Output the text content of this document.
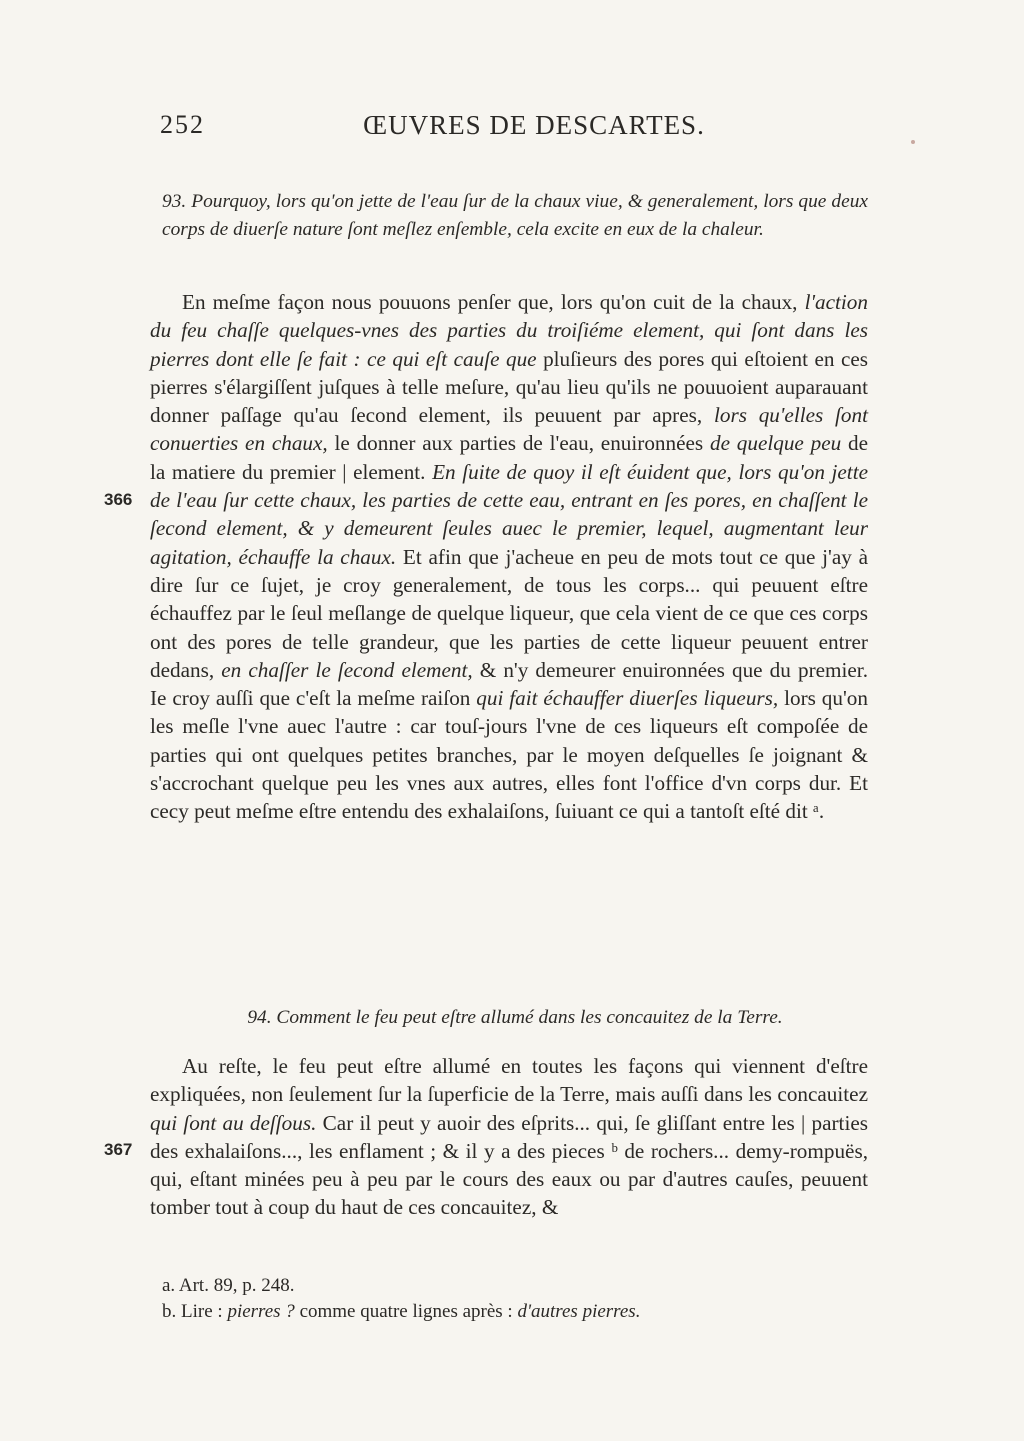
252	ŒUVRES DE DESCARTES.

93. Pourquoy, lors qu'on jette de l'eau ſur de la chaux viue, & generalement, lors que deux corps de diuerſe nature ſont meſlez enſemble, cela excite en eux de la chaleur.

366

En meſme façon nous pouuons penſer que, lors qu'on cuit de la chaux, l'action du feu chaſſe quelques-vnes des parties du troiſiéme element, qui ſont dans les pierres dont elle ſe fait : ce qui eſt cauſe que pluſieurs des pores qui eſtoient en ces pierres s'élargiſſent juſques à telle meſure, qu'au lieu qu'ils ne pouuoient auparauant donner paſſage qu'au ſecond element, ils peuuent par apres, lors qu'elles ſont conuerties en chaux, le donner aux parties de l'eau, enuironnées de quelque peu de la matiere du premier | element. En ſuite de quoy il eſt éuident que, lors qu'on jette de l'eau ſur cette chaux, les parties de cette eau, entrant en ſes pores, en chaſſent le ſecond element, & y demeurent ſeules auec le premier, lequel, augmentant leur agitation, échauffe la chaux. Et afin que j'acheue en peu de mots tout ce que j'ay à dire ſur ce ſujet, je croy generalement, de tous les corps... qui peuuent eſtre échauffez par le ſeul meſlange de quelque liqueur, que cela vient de ce que ces corps ont des pores de telle grandeur, que les parties de cette liqueur peuuent entrer dedans, en chaſſer le ſecond element, & n'y demeurer enuironnées que du premier. Ie croy auſſi que c'eſt la meſme raiſon qui fait échauffer diuerſes liqueurs, lors qu'on les meſle l'vne auec l'autre : car touſ-jours l'vne de ces liqueurs eſt compoſée de parties qui ont quelques petites branches, par le moyen deſquelles ſe joignant & s'accrochant quelque peu les vnes aux autres, elles font l'office d'vn corps dur. Et cecy peut meſme eſtre entendu des exhalaiſons, ſuiuant ce qui a tantoſt eſté dit ᵃ.

94. Comment le feu peut eſtre allumé dans les concauitez de la Terre.

367

Au reſte, le feu peut eſtre allumé en toutes les façons qui viennent d'eſtre expliquées, non ſeulement ſur la ſuperficie de la Terre, mais auſſi dans les concauitez qui ſont au deſſous. Car il peut y auoir des eſprits... qui, ſe gliſſant entre les | parties des exhalaiſons..., les enflament ; & il y a des pieces ᵇ de rochers... demy-rompuës, qui, eſtant minées peu à peu par le cours des eaux ou par d'autres cauſes, peuuent tomber tout à coup du haut de ces concauitez, &

a. Art. 89, p. 248.
b. Lire : pierres ? comme quatre lignes après : d'autres pierres.
